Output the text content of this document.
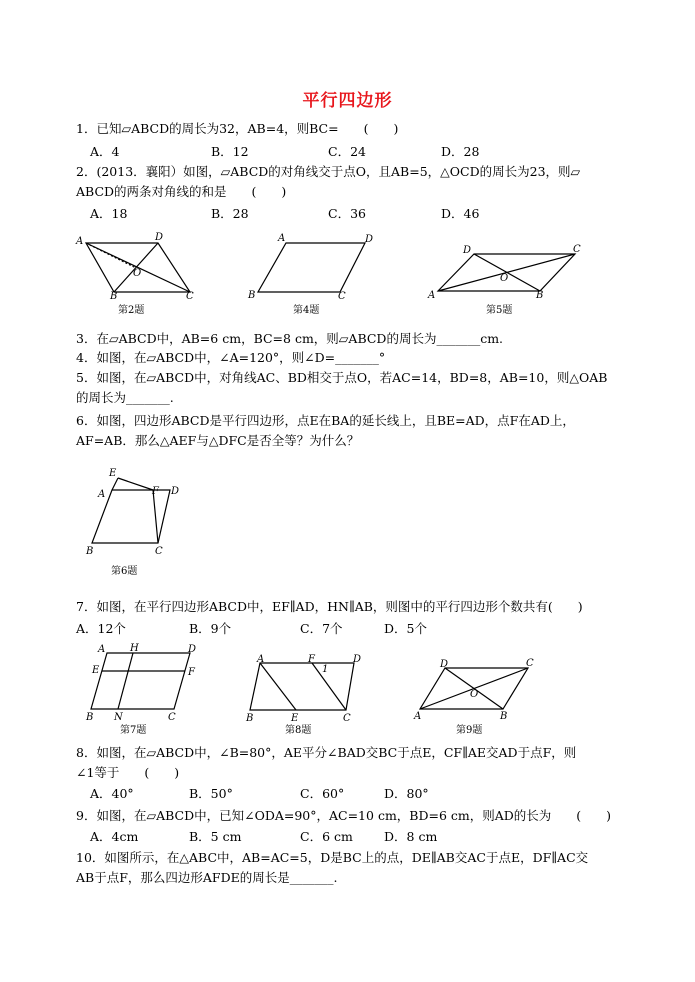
平行四边形
1．已知▱ABCD的周长为32，AB=4，则BC=　　(　　)
A．4	B．12	C．24	D．28
2．(2013．襄阳）如图，▱ABCD的对角线交于点O，且AB=5，△OCD的周长为23，则▱
ABCD的两条对角线的和是　　(　　)
A．18	B．28	C．36	D．46
A	D
O
B	C
第2题
A	D
B	C
第4题
D	C
O
A	B
第5题
3．在▱ABCD中，AB=6 cm，BC=8 cm，则▱ABCD的周长为_______cm.
4．如图，在▱ABCD中，∠A=120°，则∠D=_______°
5．如图，在▱ABCD中，对角线AC、BD相交于点O，若AC=14，BD=8，AB=10，则△OAB
的周长为_______.
6．如图，四边形ABCD是平行四边形，点E在BA的延长线上，且BE=AD，点F在AD上，
AF=AB．那么△AEF与△DFC是否全等？为什么？
E
A	F D
B	C
第6题
7．如图，在平行四边形ABCD中，EF∥AD，HN∥AB，则图中的平行四边形个数共有(　　)
A．12个	B．9个	C．7个	D．5个
A H	D
E	F
B N	C
第7题
A	F	D
1
B	E	C
第8题
D	C
O
A	B
第9题
8．如图，在▱ABCD中，∠B=80°，AE平分∠BAD交BC于点E，CF∥AE交AD于点F，则
∠1等于　　(　　)
A．40°	B．50°	C．60°	D．80°
9．如图，在▱ABCD中，已知∠ODA=90°，AC=10 cm，BD=6 cm，则AD的长为　　(　　)
A．4cm	B．5 cm	C．6 cm D．8 cm
10．如图所示，在△ABC中，AB=AC=5，D是BC上的点，DE∥AB交AC于点E，DF∥AC交
AB于点F，那么四边形AFDE的周长是_______.
